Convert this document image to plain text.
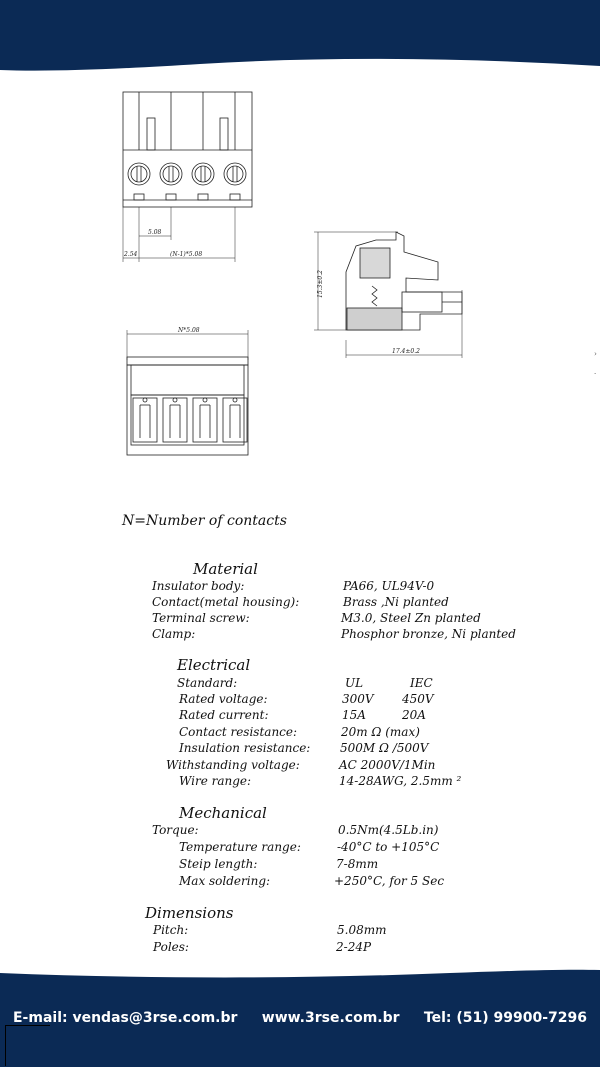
5.08
(N-1)*5.08
2.54
15.3±0.2
17.4±0.2
N*5.08
›
·
N=Number of contacts
Material
Insulator body:	PA66, UL94V-0
Contact(metal housing):	Brass ,Ni planted
Terminal screw:	M3.0, Steel Zn planted
Clamp:	Phosphor bronze, Ni planted
Electrical
Standard:	UL	IEC
Rated voltage:	300V 450V
Rated current:	15A	20A
Contact resistance:	20m Ω (max)
Insulation resistance: 500M Ω /500V
Withstanding voltage:	AC 2000V/1Min
Wire range:	14-28AWG, 2.5mm ²
Mechanical
Torque:	0.5Nm(4.5Lb.in)
Temperature range:	-40°C to +105°C
Steip length:	7-8mm
Max soldering:	+250°C, for 5 Sec
Dimensions
Pitch:	5.08mm
Poles:	2-24P
E-mail: vendas@3rse.com.br www.3rse.com.br Tel: (51) 99900-7296
